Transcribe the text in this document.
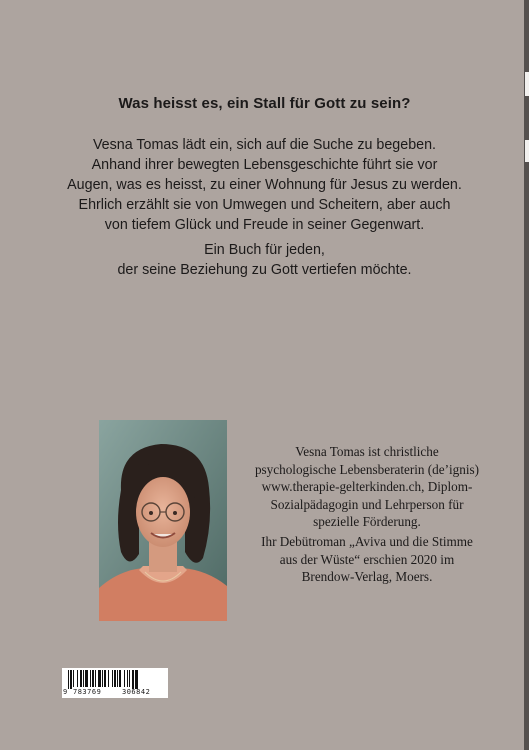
Was heisst es, ein Stall für Gott zu sein?

Vesna Tomas lädt ein, sich auf die Suche zu begeben.
Anhand ihrer bewegten Lebensgeschichte führt sie vor
Augen, was es heisst, zu einer Wohnung für Jesus zu werden.
Ehrlich erzählt sie von Umwegen und Scheitern, aber auch
von tiefem Glück und Freude in seiner Gegenwart.

Ein Buch für jeden,
der seine Beziehung zu Gott vertiefen möchte.

Vesna Tomas ist christliche
psychologische Lebensberaterin (de’ignis)
www.therapie-gelterkinden.ch, Diplom-
Sozialpädagogin und Lehrperson für
spezielle Förderung.

Ihr Debütroman „Aviva und die Stimme
aus der Wüste“ erschien 2020 im
Brendow-Verlag, Moers.

9 783769	306842
